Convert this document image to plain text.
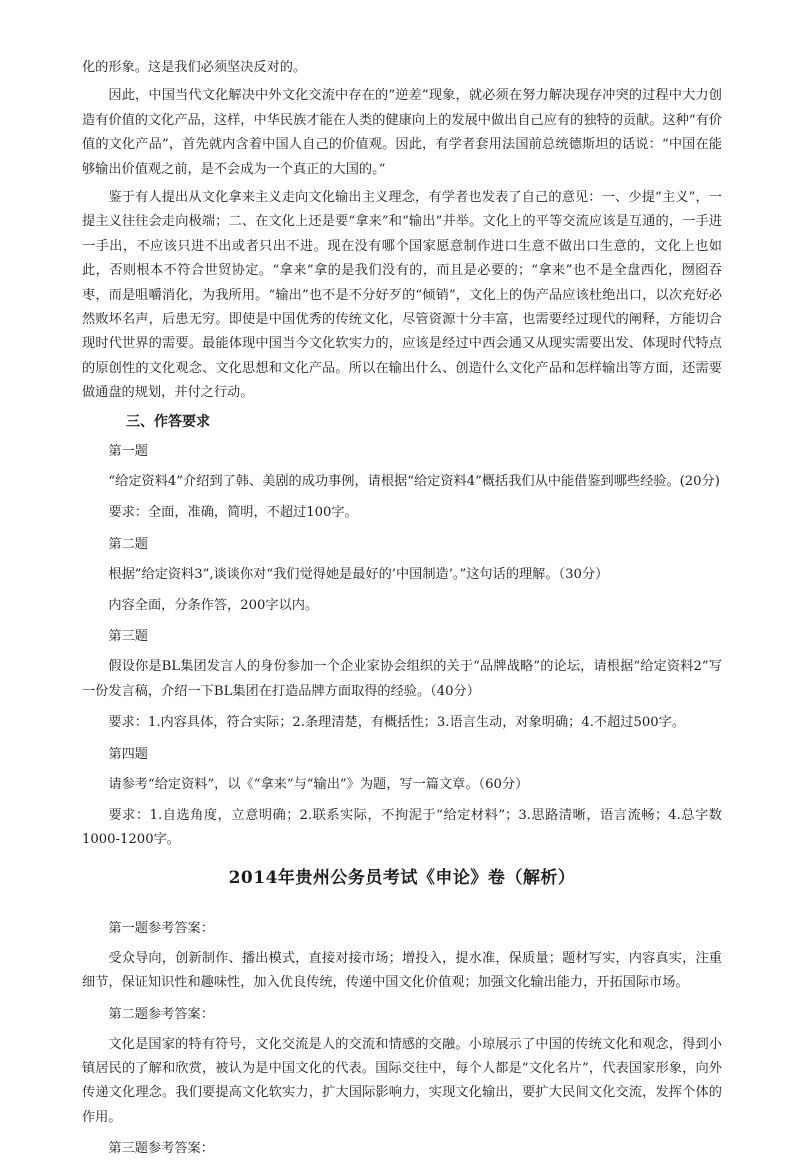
化的形象。这是我们必须坚决反对的。

因此，中国当代文化解决中外文化交流中存在的”逆差”现象，就必须在努力解决现存冲突的过程中大力创造有价值的文化产品，这样，中华民族才能在人类的健康向上的发展中做出自己应有的独特的贡献。这种“有价值的文化产品”，首先就内含着中国人自己的价值观。因此，有学者套用法国前总统德斯坦的话说：“中国在能够输出价值观之前，是不会成为一个真正的大国的。”

鉴于有人提出从文化拿来主义走向文化输出主义理念，有学者也发表了自己的意见：一、少提“主义”，一提主义往往会走向极端；二、在文化上还是要“拿来”和“输出”并举。文化上的平等交流应该是互通的，一手进一手出，不应该只进不出或者只出不进。现在没有哪个国家愿意制作进口生意不做出口生意的，文化上也如此，否则根本不符合世贸协定。“拿来”拿的是我们没有的，而且是必要的；“拿来”也不是全盘西化，囫囵吞枣，而是咀嚼消化，为我所用。“输出”也不是不分好歹的“倾销”，文化上的伪产品应该杜绝出口，以次充好必然败坏名声，后患无穷。即使是中国优秀的传统文化，尽管资源十分丰富，也需要经过现代的阐释，方能切合现时代世界的需要。最能体现中国当今文化软实力的，应该是经过中西会通又从现实需要出发、体现时代特点的原创性的文化观念、文化思想和文化产品。所以在输出什么、创造什么文化产品和怎样输出等方面，还需要做通盘的规划，并付之行动。

三、作答要求

第一题

“给定资料4”介绍到了韩、美剧的成功事例，请根据“给定资料4”概括我们从中能借鉴到哪些经验。(20分)

要求：全面，准确，简明，不超过100字。

第二题

根据”给定资料3”,谈谈你对“我们觉得她是最好的’中国制造’。”这句话的理解。（30分）

内容全面，分条作答，200字以内。

第三题

假设你是BL集团发言人的身份参加一个企业家协会组织的关于“品牌战略”的论坛，请根据“给定资料2”写一份发言稿，介绍一下BL集团在打造品牌方面取得的经验。（40分）

要求：1.内容具体，符合实际；2.条理清楚，有概括性；3.语言生动，对象明确；4.不超过500字。

第四题

请参考“给定资料”，以《“拿来”与“输出”》为题，写一篇文章。（60分）

要求：1.自选角度，立意明确；2.联系实际，不拘泥于“给定材料”；3.思路清晰，语言流畅；4.总字数1000-1200字。

2014年贵州公务员考试《申论》卷（解析）

第一题参考答案：

受众导向，创新制作、播出模式，直接对接市场；增投入，提水准，保质量；题材写实，内容真实，注重细节，保证知识性和趣味性，加入优良传统，传递中国文化价值观；加强文化输出能力，开拓国际市场。

第二题参考答案：

文化是国家的特有符号，文化交流是人的交流和情感的交融。小琼展示了中国的传统文化和观念，得到小镇居民的了解和欣赏，被认为是中国文化的代表。国际交往中，每个人都是“文化名片”，代表国家形象，向外传递文化理念。我们要提高文化软实力，扩大国际影响力，实现文化输出，要扩大民间文化交流，发挥个体的作用。

第三题参考答案：
